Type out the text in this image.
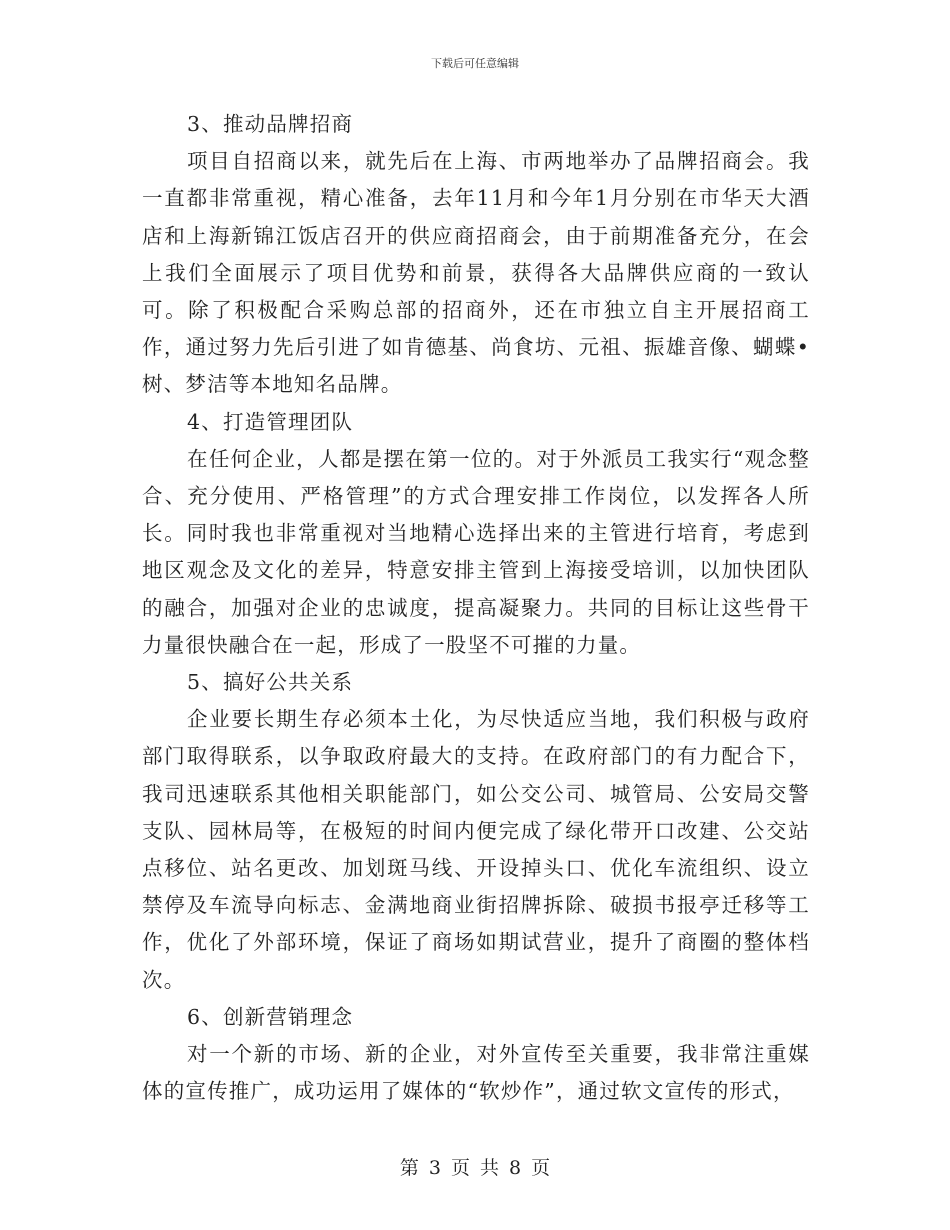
下载后可任意编辑

3、推动品牌招商

项目自招商以来，就先后在上海、市两地举办了品牌招商会。我一直都非常重视，精心准备，去年11月和今年1月分别在市华天大酒店和上海新锦江饭店召开的供应商招商会，由于前期准备充分，在会上我们全面展示了项目优势和前景，获得各大品牌供应商的一致认可。除了积极配合采购总部的招商外，还在市独立自主开展招商工作，通过努力先后引进了如肯德基、尚食坊、元祖、振雄音像、蝴蝶•树、梦洁等本地知名品牌。

4、打造管理团队

在任何企业，人都是摆在第一位的。对于外派员工我实行“观念整合、充分使用、严格管理”的方式合理安排工作岗位，以发挥各人所长。同时我也非常重视对当地精心选择出来的主管进行培育，考虑到地区观念及文化的差异，特意安排主管到上海接受培训，以加快团队的融合，加强对企业的忠诚度，提高凝聚力。共同的目标让这些骨干力量很快融合在一起，形成了一股坚不可摧的力量。

5、搞好公共关系

企业要长期生存必须本土化，为尽快适应当地，我们积极与政府部门取得联系，以争取政府最大的支持。在政府部门的有力配合下，我司迅速联系其他相关职能部门，如公交公司、城管局、公安局交警支队、园林局等，在极短的时间内便完成了绿化带开口改建、公交站点移位、站名更改、加划斑马线、开设掉头口、优化车流组织、设立禁停及车流导向标志、金满地商业街招牌拆除、破损书报亭迁移等工作，优化了外部环境，保证了商场如期试营业，提升了商圈的整体档次。

6、创新营销理念

对一个新的市场、新的企业，对外宣传至关重要，我非常注重媒体的宣传推广，成功运用了媒体的“软炒作”，通过软文宣传的形式，

第 3 页 共 8 页
